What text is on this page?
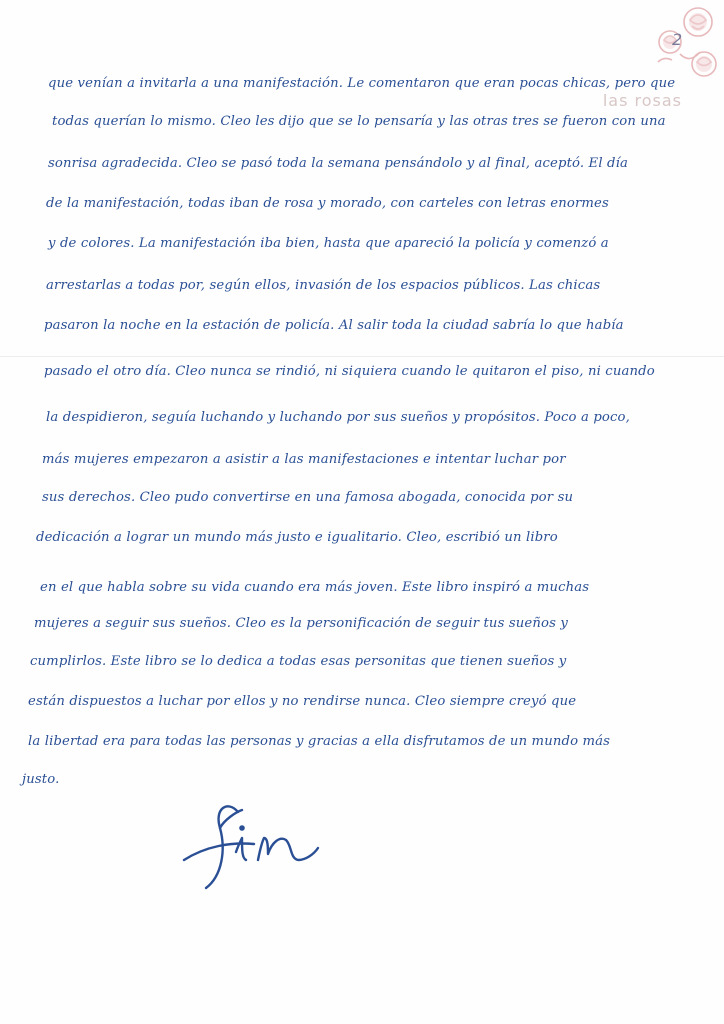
las rosas
2
que venían a invitarla a una manifestación. Le comentaron que eran pocas chicas, pero que
todas querían lo mismo. Cleo les dijo que se lo pensaría y las otras tres se fueron con una
sonrisa agradecida. Cleo se pasó toda la semana pensándolo y al final, aceptó. El día
de la manifestación, todas iban de rosa y morado, con carteles con letras enormes
y de colores. La manifestación iba bien, hasta que apareció la policía y comenzó a
arrestarlas a todas por, según ellos, invasión de los espacios públicos. Las chicas
pasaron la noche en la estación de policía. Al salir toda la ciudad sabría lo que había
pasado el otro día. Cleo nunca se rindió, ni siquiera cuando le quitaron el piso, ni cuando
la despidieron, seguía luchando y luchando por sus sueños y propósitos. Poco a poco,
más mujeres empezaron a asistir a las manifestaciones e intentar luchar por
sus derechos. Cleo pudo convertirse en una famosa abogada, conocida por su
dedicación a lograr un mundo más justo e igualitario. Cleo, escribió un libro
en el que habla sobre su vida cuando era más joven. Este libro inspiró a muchas
mujeres a seguir sus sueños. Cleo es la personificación de seguir tus sueños y
cumplirlos. Este libro se lo dedica a todas esas personitas que tienen sueños y
están dispuestos a luchar por ellos y no rendirse nunca. Cleo siempre creyó que
la libertad era para todas las personas y gracias a ella disfrutamos de un mundo más
justo.
